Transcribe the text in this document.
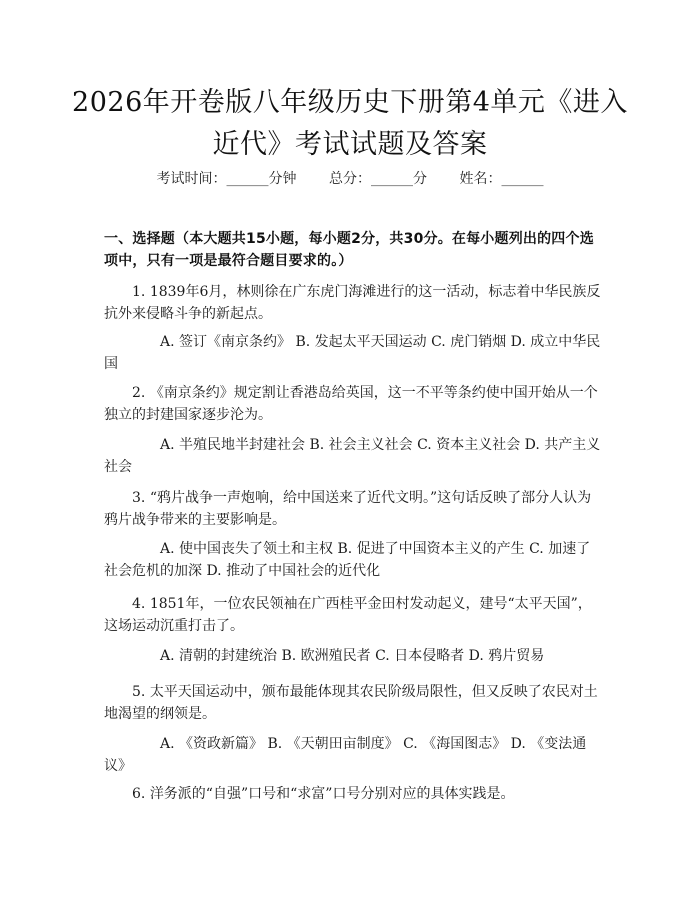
2026年开卷版八年级历史下册第4单元《进入近代》考试试题及答案
考试时间：______分钟 总分：______分 姓名：______
一、选择题（本大题共15小题，每小题2分，共30分。在每小题列出的四个选项中，只有一项是最符合题目要求的。）
1. 1839年6月，林则徐在广东虎门海滩进行的这一活动，标志着中华民族反抗外来侵略斗争的新起点。
A. 签订《南京条约》 B. 发起太平天国运动 C. 虎门销烟 D. 成立中华民国
2. 《南京条约》规定割让香港岛给英国，这一不平等条约使中国开始从一个独立的封建国家逐步沦为。
A. 半殖民地半封建社会 B. 社会主义社会 C. 资本主义社会 D. 共产主义社会
3. “鸦片战争一声炮响，给中国送来了近代文明。”这句话反映了部分人认为鸦片战争带来的主要影响是。
A. 使中国丧失了领土和主权 B. 促进了中国资本主义的产生 C. 加速了社会危机的加深 D. 推动了中国社会的近代化
4. 1851年，一位农民领袖在广西桂平金田村发动起义，建号“太平天国”，这场运动沉重打击了。
A. 清朝的封建统治 B. 欧洲殖民者 C. 日本侵略者 D. 鸦片贸易
5. 太平天国运动中，颁布最能体现其农民阶级局限性，但又反映了农民对土地渴望的纲领是。
A. 《资政新篇》 B. 《天朝田亩制度》 C. 《海国图志》 D. 《变法通议》
6. 洋务派的“自强”口号和“求富”口号分别对应的具体实践是。
